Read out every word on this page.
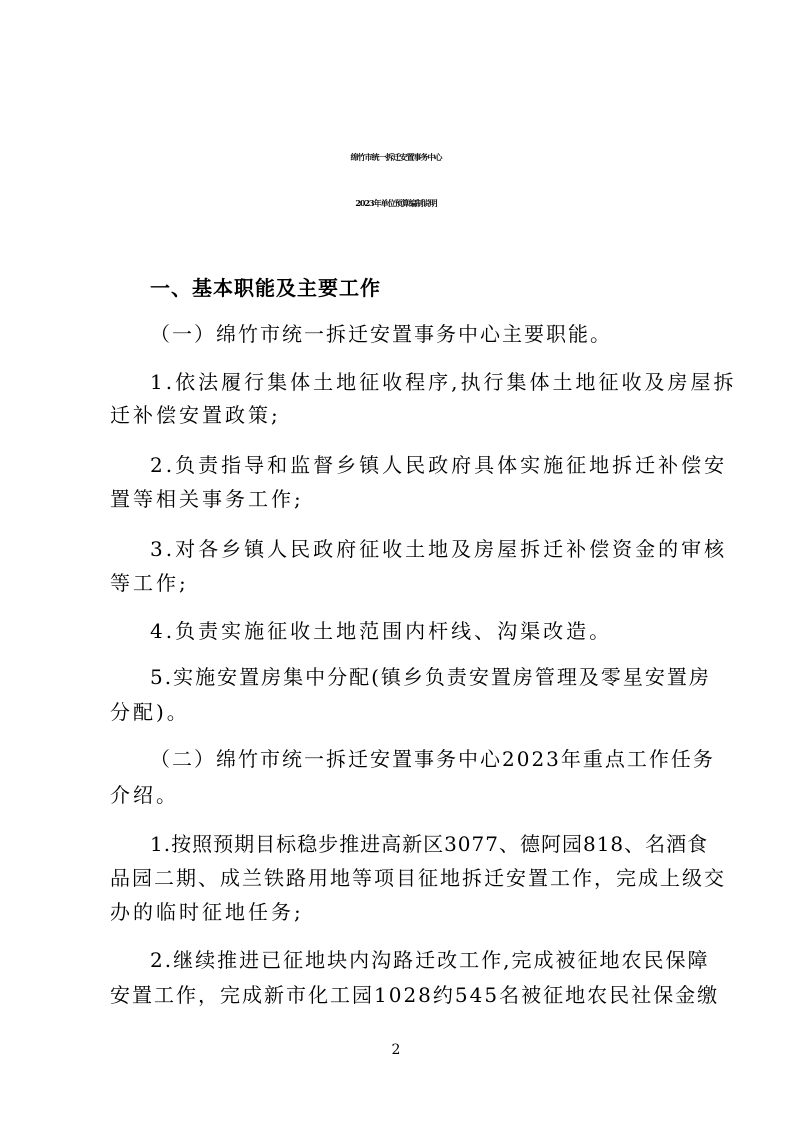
绵竹市统一拆迁安置事务中心
2023年单位预算编制说明
一、基本职能及主要工作
（一）绵竹市统一拆迁安置事务中心主要职能。
1.依法履行集体土地征收程序,执行集体土地征收及房屋拆
迁补偿安置政策;
2.负责指导和监督乡镇人民政府具体实施征地拆迁补偿安
置等相关事务工作;
3.对各乡镇人民政府征收土地及房屋拆迁补偿资金的审核
等工作;
4.负责实施征收土地范围内杆线、沟渠改造。
5.实施安置房集中分配(镇乡负责安置房管理及零星安置房
分配)。
（二）绵竹市统一拆迁安置事务中心2023年重点工作任务
介绍。
1.按照预期目标稳步推进高新区3077、德阿园818、名酒食
品园二期、成兰铁路用地等项目征地拆迁安置工作，完成上级交
办的临时征地任务;
2.继续推进已征地块内沟路迁改工作,完成被征地农民保障
安置工作，完成新市化工园1028约545名被征地农民社保金缴
2
